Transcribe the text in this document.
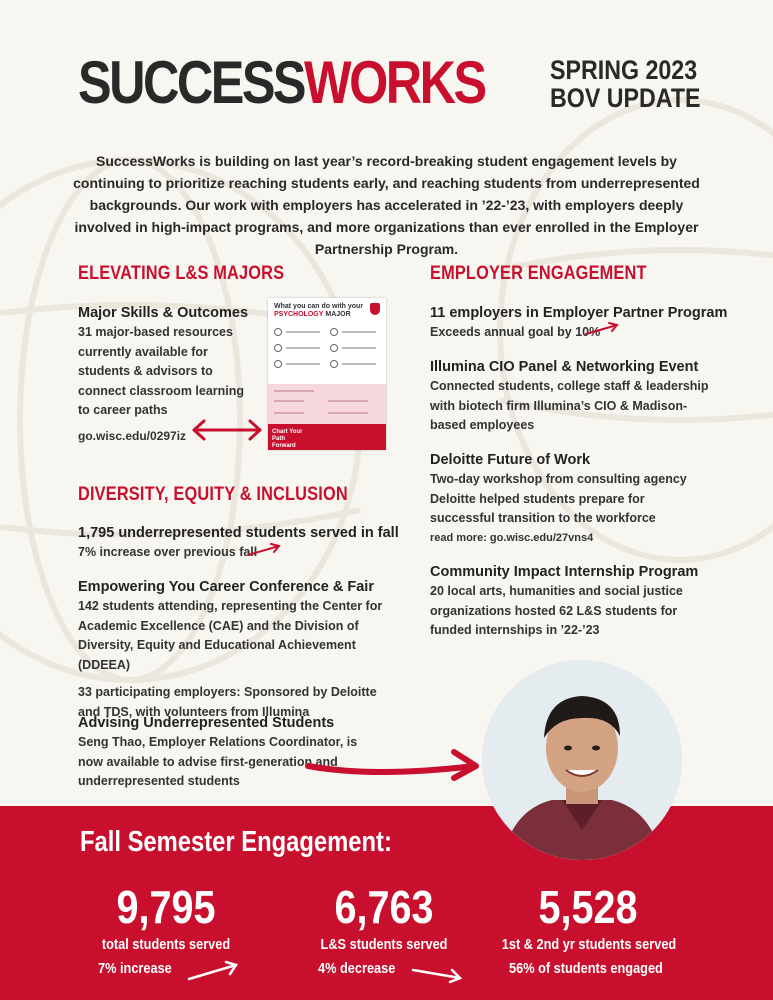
SUCCESSWORKS SPRING 2023
BOV UPDATE

SuccessWorks is building on last year’s record-breaking student engagement levels by continuing to prioritize reaching students early, and reaching students from underrepresented backgrounds. Our work with employers has accelerated in ’22-’23, with employers deeply involved in high-impact programs, and more organizations than ever enrolled in the Employer Partnership Program.

ELEVATING L&S MAJORS
Major Skills & Outcomes
31 major-based resources currently available for students & advisors to connect classroom learning to career paths
go.wisc.edu/0297iz
What you can do with your
PSYCHOLOGY MAJOR
Chart Your Path Forward
DIVERSITY, EQUITY & INCLUSION
1,795 underrepresented students served in fall
7% increase over previous fall
Empowering You Career Conference & Fair
142 students attending, representing the Center for Academic Excellence (CAE) and the Division of Diversity, Equity and Educational Achievement (DDEEA)
33 participating employers: Sponsored by Deloitte and TDS, with volunteers from Illumina
Advising Underrepresented Students
Seng Thao, Employer Relations Coordinator, is now available to advise first-generation and underrepresented students
EMPLOYER ENGAGEMENT
11 employers in Employer Partner Program
Exceeds annual goal by 10%
Illumina CIO Panel & Networking Event
Connected students, college staff & leadership with biotech firm Illumina’s CIO & Madison-based employees
Deloitte Future of Work
Two-day workshop from consulting agency Deloitte helped students prepare for successful transition to the workforce
read more: go.wisc.edu/27vns4
Community Impact Internship Program
20 local arts, humanities and social justice organizations hosted 62 L&S students for funded internships in ’22-’23
Fall Semester Engagement:
9,795
total students served
7% increase
6,763
L&S students served
4% decrease
5,528
1st & 2nd yr students served
56% of students engaged
